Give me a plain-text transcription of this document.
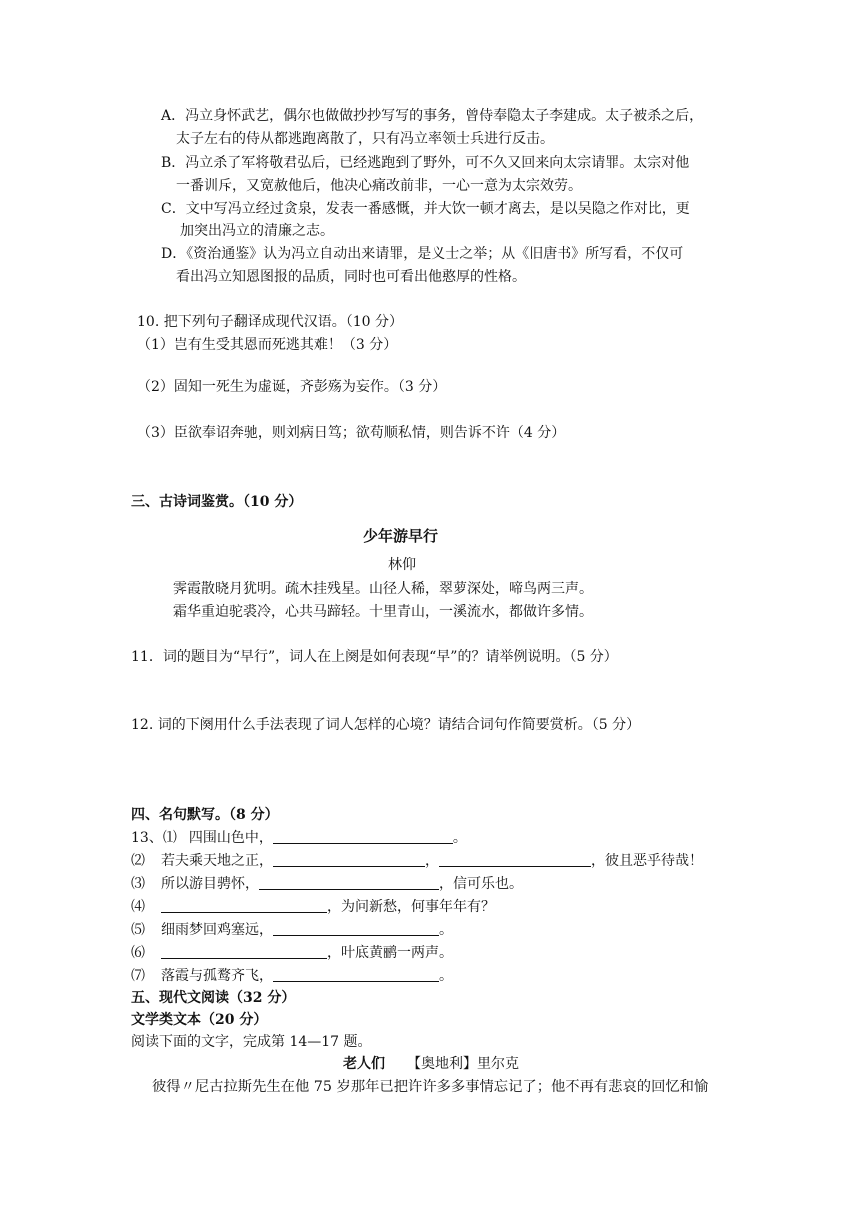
A．冯立身怀武艺，偶尔也做做抄抄写写的事务，曾侍奉隐太子李建成。太子被杀之后，
太子左右的侍从都逃跑离散了，只有冯立率领士兵进行反击。
B．冯立杀了军将敬君弘后，已经逃跑到了野外，可不久又回来向太宗请罪。太宗对他
一番训斥，又宽赦他后，他决心痛改前非，一心一意为太宗效劳。
C．文中写冯立经过贪泉，发表一番感慨，并大饮一顿才离去，是以吴隐之作对比，更
加突出冯立的清廉之志。
D．《资治通鉴》认为冯立自动出来请罪，是义士之举；从《旧唐书》所写看，不仅可
看出冯立知恩图报的品质，同时也可看出他憨厚的性格。
10. 把下列句子翻译成现代汉语。（10 分）
（1）岂有生受其恩而死逃其难！（3 分）
（2）固知一死生为虚诞，齐彭殇为妄作。（3 分）
（3）臣欲奉诏奔驰，则刘病日笃；欲苟顺私情，则告诉不许（4 分）
三、古诗词鉴赏。（10 分）
少年游早行
林仰
霁霞散晓月犹明。疏木挂残星。山径人稀，翠萝深处，啼鸟两三声。
霜华重迫驼裘冷，心共马蹄轻。十里青山，一溪流水，都做许多情。
11．词的题目为“早行”，词人在上阕是如何表现“早”的？请举例说明。（5 分）
12. 词的下阕用什么手法表现了词人怎样的心境？请结合词句作简要赏析。（5 分）
四、名句默写。（8 分）
13、⑴ 四围山色中，	。
⑵ 若夫乘天地之正，	，	，彼且恶乎待哉！
⑶ 所以游目骋怀，	，信可乐也。
⑷	，为问新愁，何事年年有？
⑸ 细雨梦回鸡塞远，	。
⑹	，叶底黄鹂一两声。
⑺ 落霞与孤鹜齐飞，	。
五、现代文阅读（32 分）
文学类文本（20 分）
阅读下面的文字，完成第 14—17 题。
老人们 【奥地利】里尔克
彼得〃尼古拉斯先生在他 75 岁那年已把许许多多事情忘记了；他不再有悲哀的回忆和愉
